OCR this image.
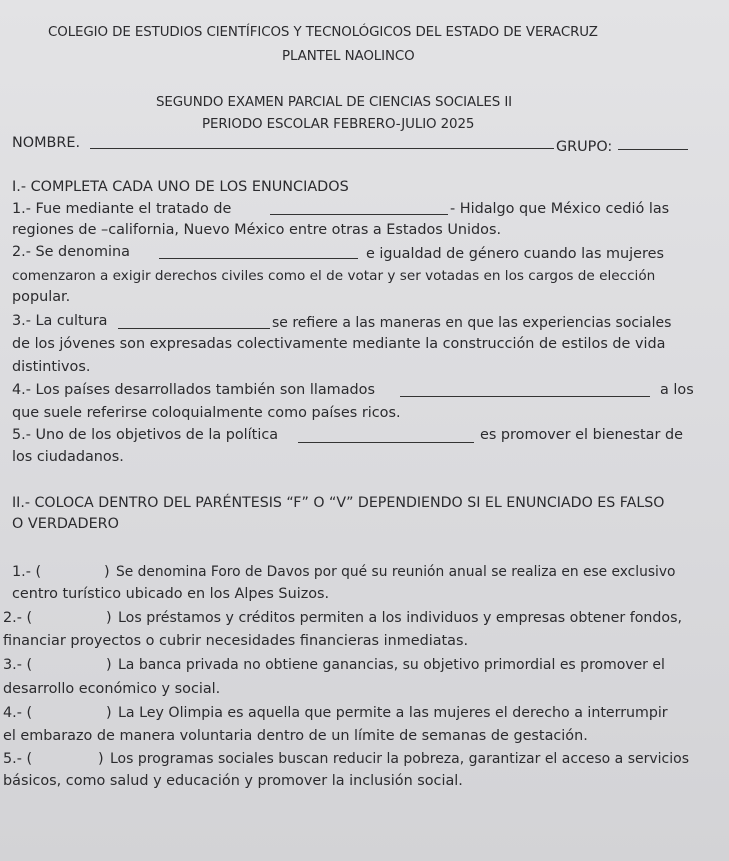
COLEGIO DE ESTUDIOS CIENTÍFICOS Y TECNOLÓGICOS DEL ESTADO DE VERACRUZ
PLANTEL NAOLINCO
SEGUNDO EXAMEN PARCIAL DE CIENCIAS SOCIALES II
PERIODO ESCOLAR FEBRERO-JULIO 2025
NOMBRE.	GRUPO:
I.- COMPLETA CADA UNO DE LOS ENUNCIADOS
1.- Fue mediante el tratado de	- Hidalgo que México cedió las
regiones de –california, Nuevo México entre otras a Estados Unidos.
2.- Se denomina	e igualdad de género cuando las mujeres
comenzaron a exigir derechos civiles como el de votar y ser votadas en los cargos de elección
popular.
3.- La cultura	se refiere a las maneras en que las experiencias sociales
de los jóvenes son expresadas colectivamente mediante la construcción de estilos de vida
distintivos.
4.- Los países desarrollados también son llamados	a los
que suele referirse coloquialmente como países ricos.
5.- Uno de los objetivos de la política	es promover el bienestar de
los ciudadanos.
II.- COLOCA DENTRO DEL PARÉNTESIS “F” O “V” DEPENDIENDO SI EL ENUNCIADO ES FALSO
O VERDADERO
1.- (	) Se denomina Foro de Davos por qué su reunión anual se realiza en ese exclusivo
centro turístico ubicado en los Alpes Suizos.
2.- (	) Los préstamos y créditos permiten a los individuos y empresas obtener fondos,
financiar proyectos o cubrir necesidades financieras inmediatas.
3.- (	) La banca privada no obtiene ganancias, su objetivo primordial es promover el
desarrollo económico y social.
4.- (	) La Ley Olimpia es aquella que permite a las mujeres el derecho a interrumpir
el embarazo de manera voluntaria dentro de un límite de semanas de gestación.
5.- (	) Los programas sociales buscan reducir la pobreza, garantizar el acceso a servicios
básicos, como salud y educación y promover la inclusión social.
